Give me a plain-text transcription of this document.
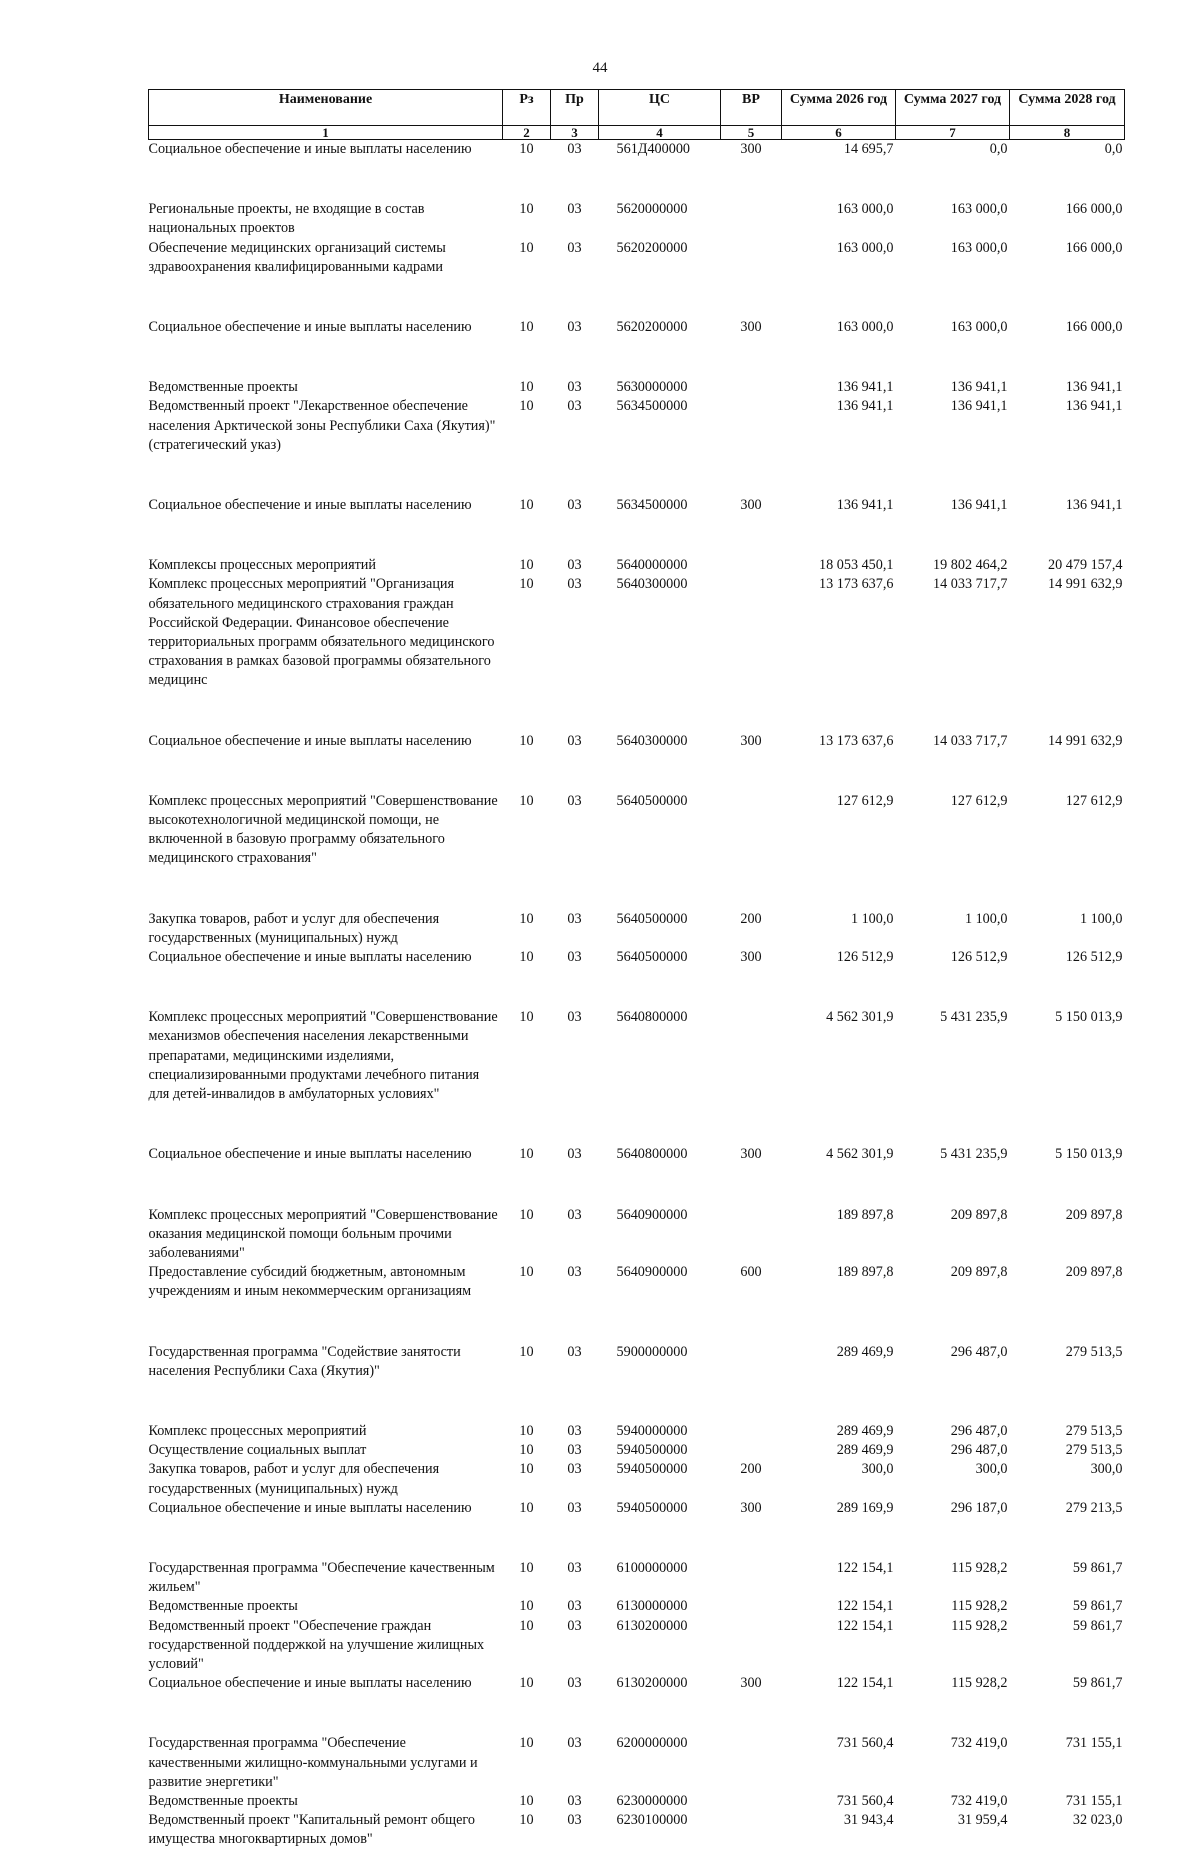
44
Наименование	Рз	Пр	ЦС	ВР	Сумма 2026 год	Сумма 2027 год	Сумма 2028 год
1	2	3	4	5	6	7	8
Социальное обеспечение и иные выплаты населению	10	03	561Д400000	300	14 695,7	0,0	0,0

Региональные проекты, не входящие в состав национальных проектов	10	03	5620000000		163 000,0	163 000,0	166 000,0
Обеспечение медицинских организаций системы здравоохранения квалифицированными кадрами	10	03	5620200000		163 000,0	163 000,0	166 000,0

Социальное обеспечение и иные выплаты населению	10	03	5620200000	300	163 000,0	163 000,0	166 000,0

Ведомственные проекты	10	03	5630000000		136 941,1	136 941,1	136 941,1
Ведомственный проект "Лекарственное обеспечение населения Арктической зоны Республики Саха (Якутия)" (стратегический указ)	10	03	5634500000		136 941,1	136 941,1	136 941,1

Социальное обеспечение и иные выплаты населению	10	03	5634500000	300	136 941,1	136 941,1	136 941,1

Комплексы процессных мероприятий	10	03	5640000000		18 053 450,1	19 802 464,2	20 479 157,4
Комплекс процессных мероприятий "Организация обязательного медицинского страхования граждан Российской Федерации. Финансовое обеспечение территориальных программ обязательного медицинского страхования в рамках базовой программы обязательного медицинс	10	03	5640300000		13 173 637,6	14 033 717,7	14 991 632,9

Социальное обеспечение и иные выплаты населению	10	03	5640300000	300	13 173 637,6	14 033 717,7	14 991 632,9

Комплекс процессных мероприятий "Совершенствование высокотехнологичной медицинской помощи, не включенной в базовую программу обязательного медицинского страхования"	10	03	5640500000		127 612,9	127 612,9	127 612,9

Закупка товаров, работ и услуг для обеспечения государственных (муниципальных) нужд	10	03	5640500000	200	1 100,0	1 100,0	1 100,0
Социальное обеспечение и иные выплаты населению	10	03	5640500000	300	126 512,9	126 512,9	126 512,9

Комплекс процессных мероприятий "Совершенствование механизмов обеспечения населения лекарственными препаратами, медицинскими изделиями, специализированными продуктами лечебного питания для детей-инвалидов в амбулаторных условиях"	10	03	5640800000		4 562 301,9	5 431 235,9	5 150 013,9

Социальное обеспечение и иные выплаты населению	10	03	5640800000	300	4 562 301,9	5 431 235,9	5 150 013,9

Комплекс процессных мероприятий "Совершенствование оказания медицинской помощи больным прочими заболеваниями"	10	03	5640900000		189 897,8	209 897,8	209 897,8
Предоставление субсидий бюджетным, автономным учреждениям и иным некоммерческим организациям	10	03	5640900000	600	189 897,8	209 897,8	209 897,8

Государственная программа "Содействие занятости населения Республики Саха (Якутия)"	10	03	5900000000		289 469,9	296 487,0	279 513,5

Комплекс процессных мероприятий	10	03	5940000000		289 469,9	296 487,0	279 513,5
Осуществление социальных выплат	10	03	5940500000		289 469,9	296 487,0	279 513,5
Закупка товаров, работ и услуг для обеспечения государственных (муниципальных) нужд	10	03	5940500000	200	300,0	300,0	300,0
Социальное обеспечение и иные выплаты населению	10	03	5940500000	300	289 169,9	296 187,0	279 213,5

Государственная программа "Обеспечение качественным жильем"	10	03	6100000000		122 154,1	115 928,2	59 861,7
Ведомственные проекты	10	03	6130000000		122 154,1	115 928,2	59 861,7
Ведомственный проект "Обеспечение граждан государственной поддержкой на улучшение жилищных условий"	10	03	6130200000		122 154,1	115 928,2	59 861,7
Социальное обеспечение и иные выплаты населению	10	03	6130200000	300	122 154,1	115 928,2	59 861,7

Государственная программа "Обеспечение качественными жилищно-коммунальными услугами и развитие энергетики"	10	03	6200000000		731 560,4	732 419,0	731 155,1
Ведомственные проекты	10	03	6230000000		731 560,4	732 419,0	731 155,1
Ведомственный проект "Капитальный ремонт общего имущества многоквартирных домов"	10	03	6230100000		31 943,4	31 959,4	32 023,0
